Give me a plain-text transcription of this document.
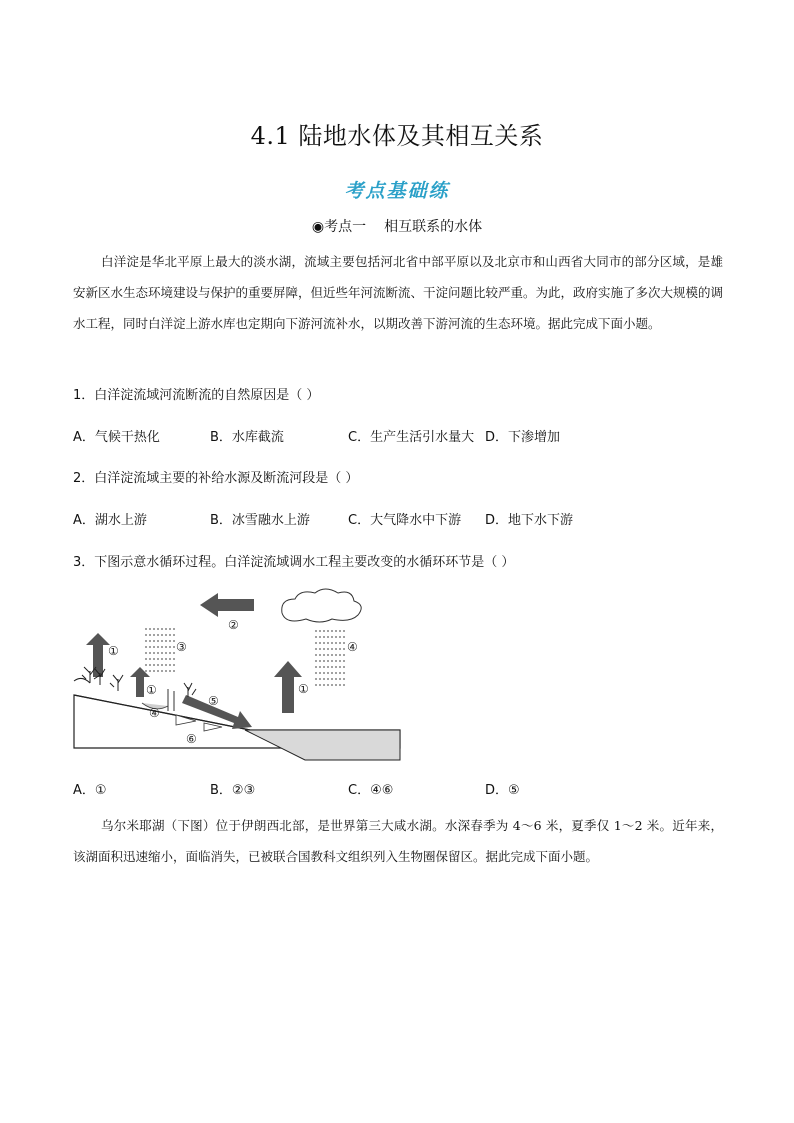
4.1 陆地水体及其相互关系
考点基础练
◉考点一 相互联系的水体
白洋淀是华北平原上最大的淡水湖，流域主要包括河北省中部平原以及北京市和山西省大同市的部分区域，是雄安新区水生态环境建设与保护的重要屏障，但近些年河流断流、干淀问题比较严重。为此，政府实施了多次大规模的调水工程，同时白洋淀上游水库也定期向下游河流补水，以期改善下游河流的生态环境。据此完成下面小题。
1．白洋淀流域河流断流的自然原因是（ ）
A．气候干热化	B．水库截流	C．生产生活引水量大 D．下渗增加
2．白洋淀流域主要的补给水源及断流河段是（ ）
A．湖水上游	B．冰雪融水上游	C．大气降水中下游 D．地下水下游
3．下图示意水循环过程。白洋淀流域调水工程主要改变的水循环环节是（ ）
①
②
③	④
⑤
④
⑥
①
①
A．①	B．②③	C．④⑥	D．⑤
乌尔米耶湖（下图）位于伊朗西北部，是世界第三大咸水湖。水深春季为 4～6 米，夏季仅 1～2 米。近年来，该湖面积迅速缩小，面临消失，已被联合国教科文组织列入生物圈保留区。据此完成下面小题。
